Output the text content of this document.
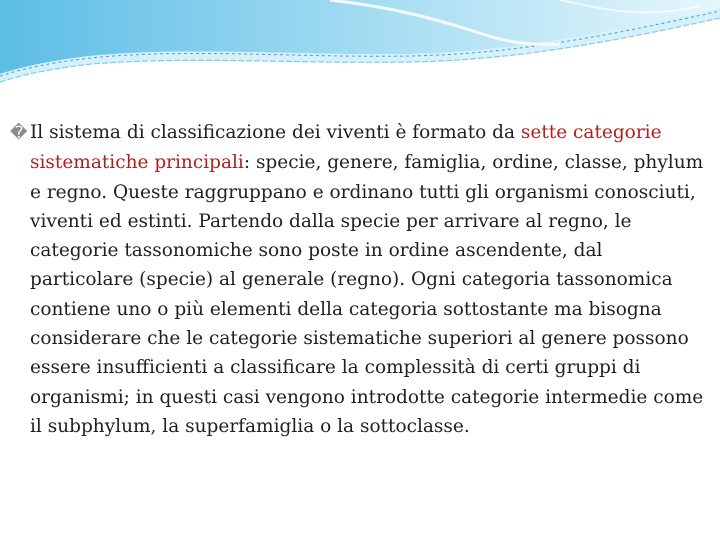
� Il sistema di classificazione dei viventi è formato da sette categorie sistematiche principali: specie, genere, famiglia, ordine, classe, phylum e regno. Queste raggruppano e ordinano tutti gli organismi conosciuti, viventi ed estinti. Partendo dalla specie per arrivare al regno, le categorie tassonomiche sono poste in ordine ascendente, dal particolare (specie) al generale (regno). Ogni categoria tassonomica contiene uno o più elementi della categoria sottostante ma bisogna considerare che le categorie sistematiche superiori al genere possono essere insufficienti a classificare la complessità di certi gruppi di organismi; in questi casi vengono introdotte categorie intermedie come il subphylum, la superfamiglia o la sottoclasse.
